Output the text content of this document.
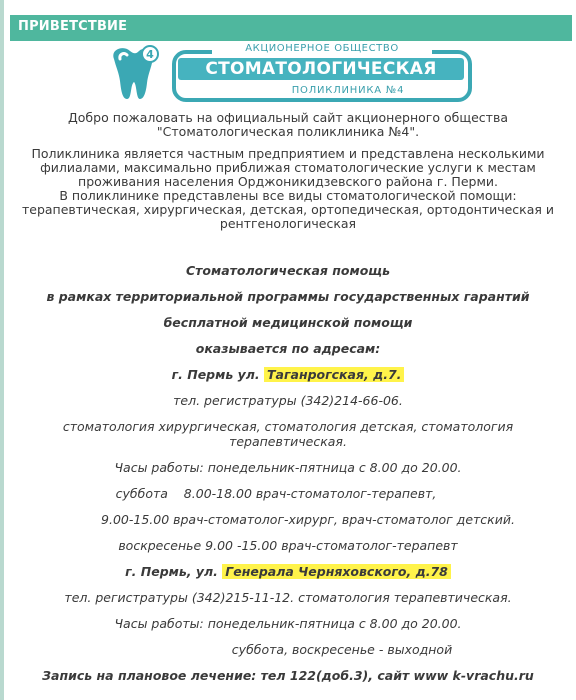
ПРИВЕТСТВИЕ
4	АКЦИОНЕРНОЕ ОБЩЕСТВО
СТОМАТОЛОГИЧЕСКАЯ
ПОЛИКЛИНИКА №4

Добро пожаловать на официальный сайт акционерного общества

"Стоматологическая поликлиника №4".

Поликлиника является частным предприятием и представлена несколькими

филиалами, максимально приближая стоматологические услуги к местам

проживания населения Орджоникидзевского района г. Перми.

В поликлинике представлены все виды стоматологической помощи:

терапевтическая, хирургическая, детская, ортопедическая, ортодонтическая и

рентгенологическая

Стоматологическая помощь
в рамках территориальной программы государственных гарантий
бесплатной медицинской помощи
оказывается по адресам:
г. Пермь ул. Таганрогская, д.7.
тел. регистратуры (342)214-66-06.
стоматология хирургическая, стоматология детская, стоматология
терапевтическая.
Часы работы: понедельник-пятница с 8.00 до 20.00.
суббота    8.00-18.00 врач-стоматолог-терапевт,
9.00-15.00 врач-стоматолог-хирург, врач-стоматолог детский.
воскресенье 9.00 -15.00 врач-стоматолог-терапевт
г. Пермь, ул. Генерала Черняховского, д.78
тел. регистратуры (342)215-11-12. стоматология терапевтическая.
Часы работы: понедельник-пятница с 8.00 до 20.00.
суббота, воскресенье - выходной
Запись на плановое лечение: тел 122(доб.3), сайт www k-vrachu.ru
